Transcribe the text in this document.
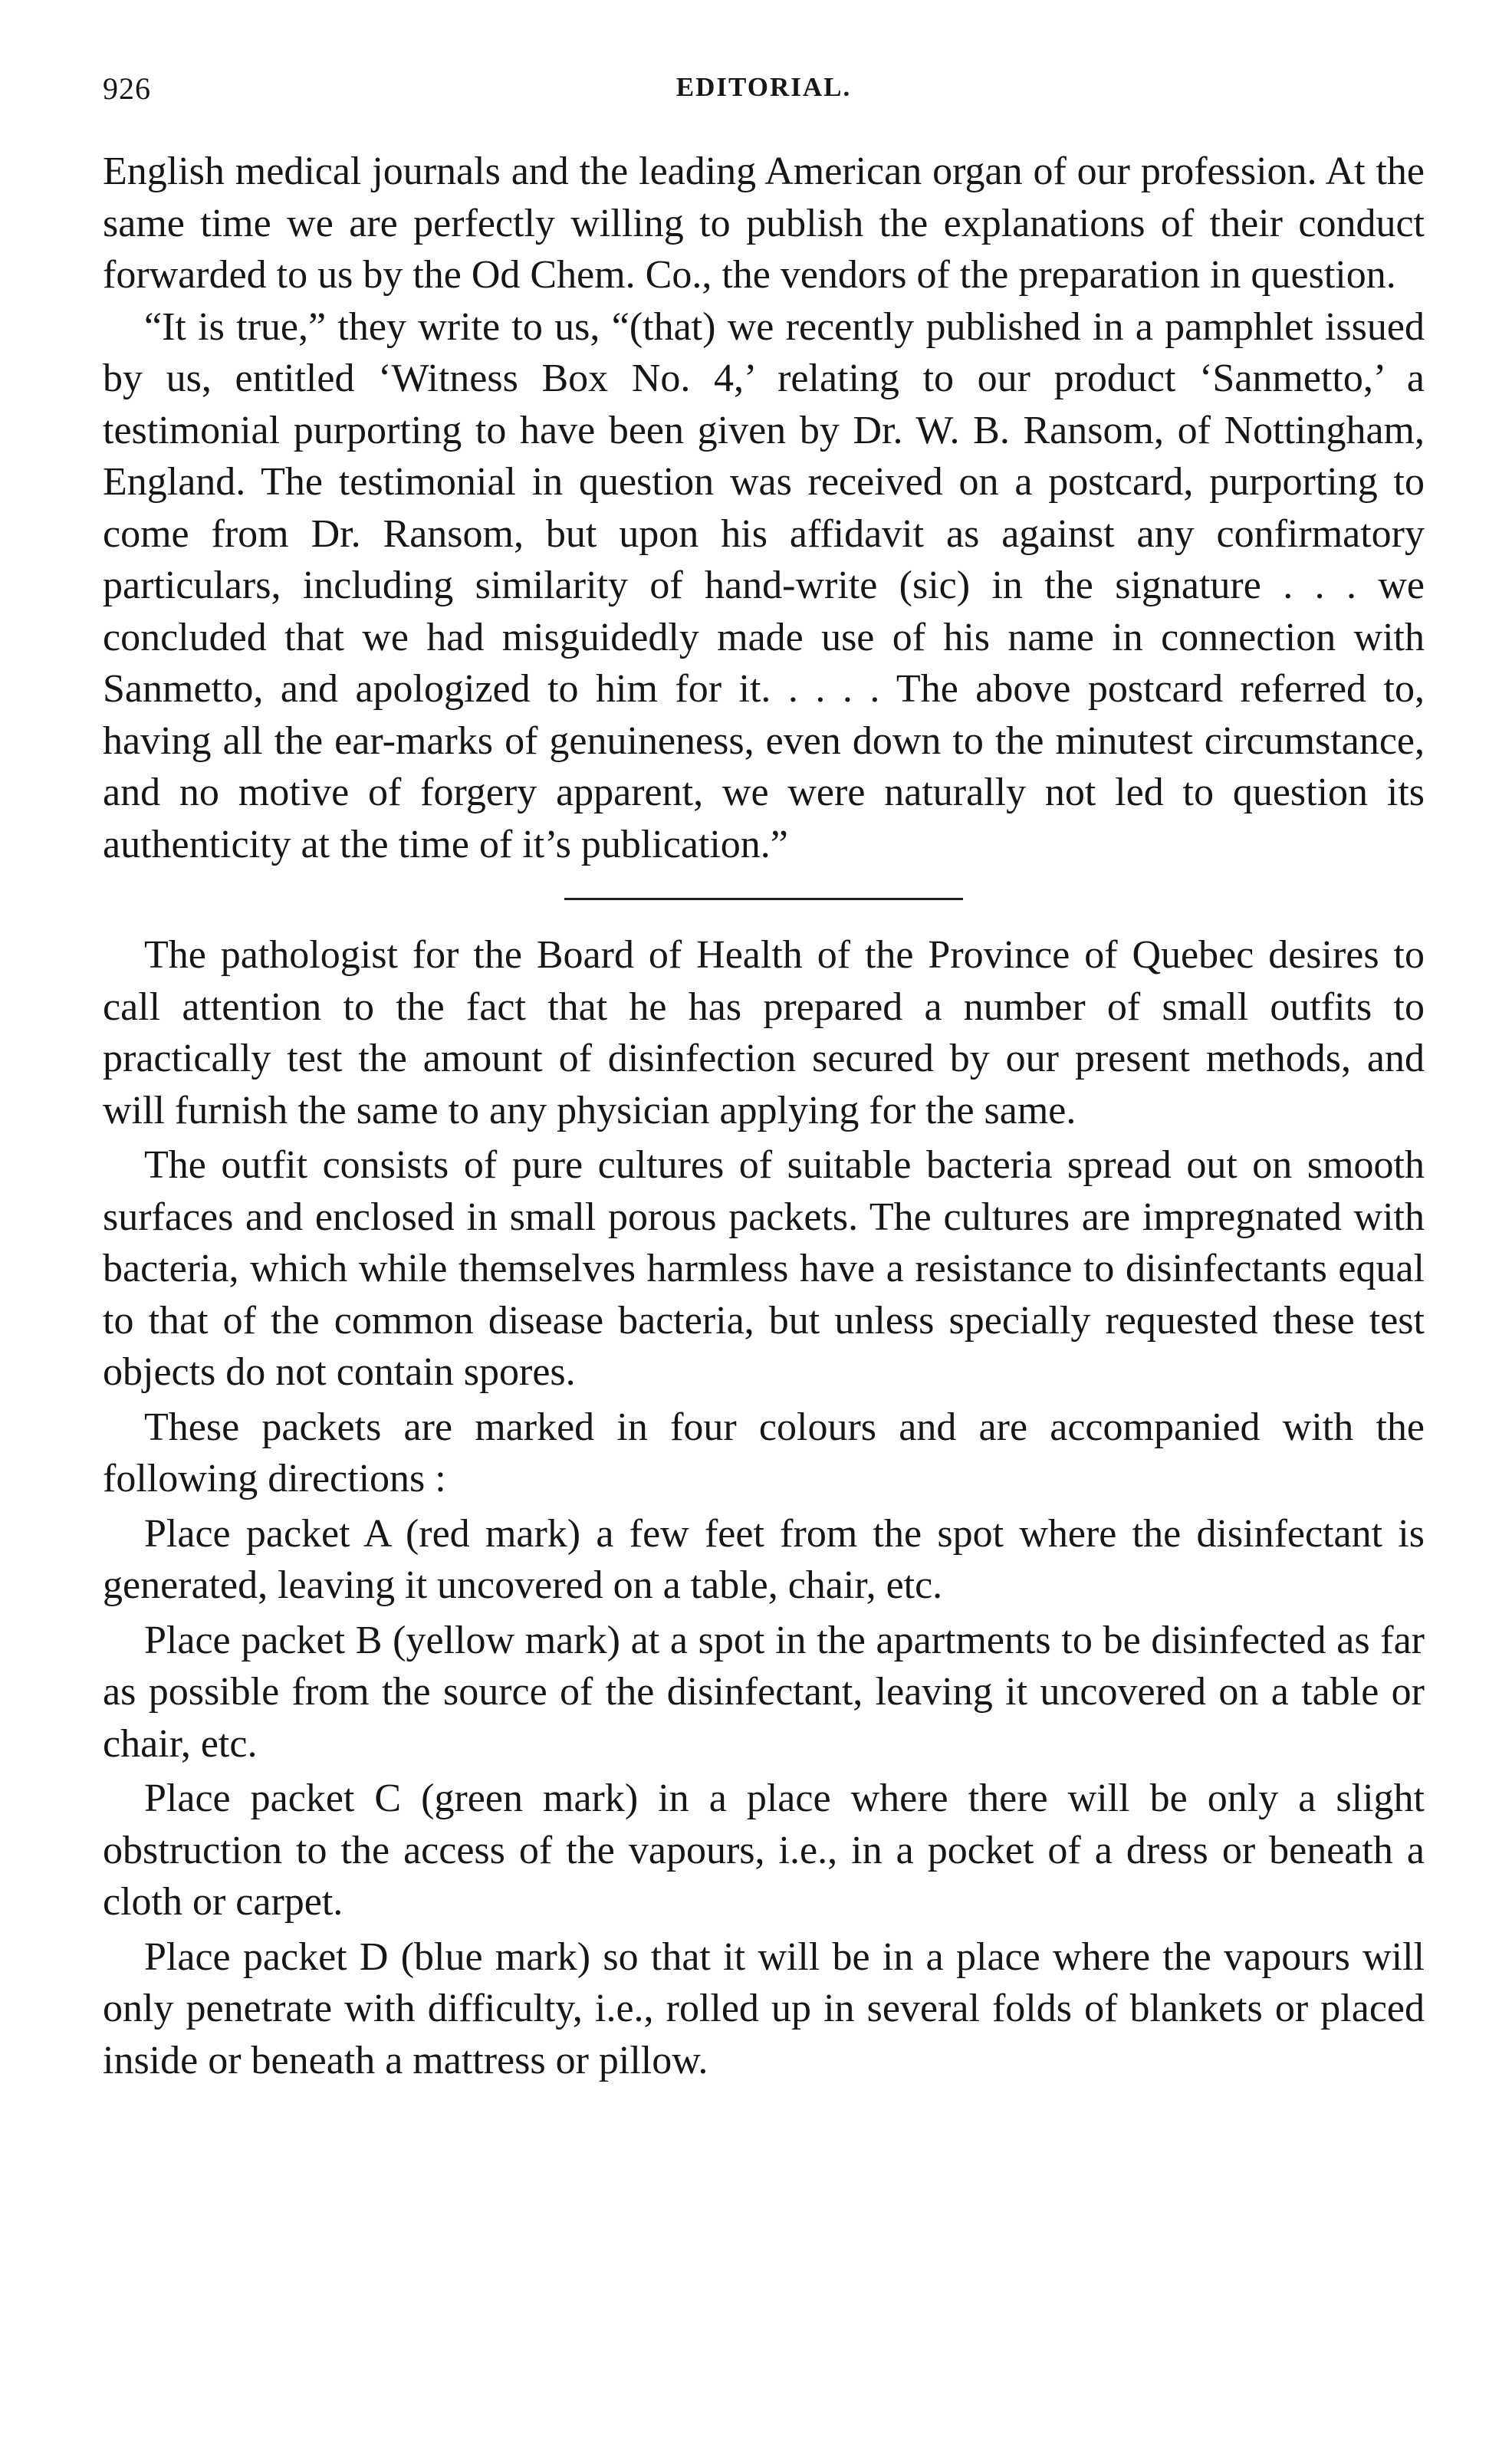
926	EDITORIAL.

English medical journals and the leading American organ of our profession. At the same time we are perfectly willing to publish the explanations of their conduct forwarded to us by the Od Chem. Co., the vendors of the preparation in question.

“It is true,” they write to us, “(that) we recently published in a pamphlet issued by us, entitled ‘Witness Box No. 4,’ relating to our product ‘Sanmetto,’ a testimonial purporting to have been given by Dr. W. B. Ransom, of Nottingham, England. The testimonial in question was received on a postcard, purporting to come from Dr. Ransom, but upon his affidavit as against any confirmatory particulars, including similarity of hand-write (sic) in the signature . . . we concluded that we had misguidedly made use of his name in connection with Sanmetto, and apologized to him for it. . . . . The above postcard referred to, having all the ear-marks of genuineness, even down to the minutest circumstance, and no motive of forgery apparent, we were naturally not led to question its authenticity at the time of it’s publication.”

The pathologist for the Board of Health of the Province of Quebec desires to call attention to the fact that he has prepared a number of small outfits to practically test the amount of disinfection secured by our present methods, and will furnish the same to any physician applying for the same.

The outfit consists of pure cultures of suitable bacteria spread out on smooth surfaces and enclosed in small porous packets. The cultures are impregnated with bacteria, which while themselves harmless have a resistance to disinfectants equal to that of the common disease bacteria, but unless specially requested these test objects do not contain spores.

These packets are marked in four colours and are accompanied with the following directions :

Place packet A (red mark) a few feet from the spot where the disinfectant is generated, leaving it uncovered on a table, chair, etc.

Place packet B (yellow mark) at a spot in the apartments to be disinfected as far as possible from the source of the disinfectant, leaving it uncovered on a table or chair, etc.

Place packet C (green mark) in a place where there will be only a slight obstruction to the access of the vapours, i.e., in a pocket of a dress or beneath a cloth or carpet.

Place packet D (blue mark) so that it will be in a place where the vapours will only penetrate with difficulty, i.e., rolled up in several folds of blankets or placed inside or beneath a mattress or pillow.
